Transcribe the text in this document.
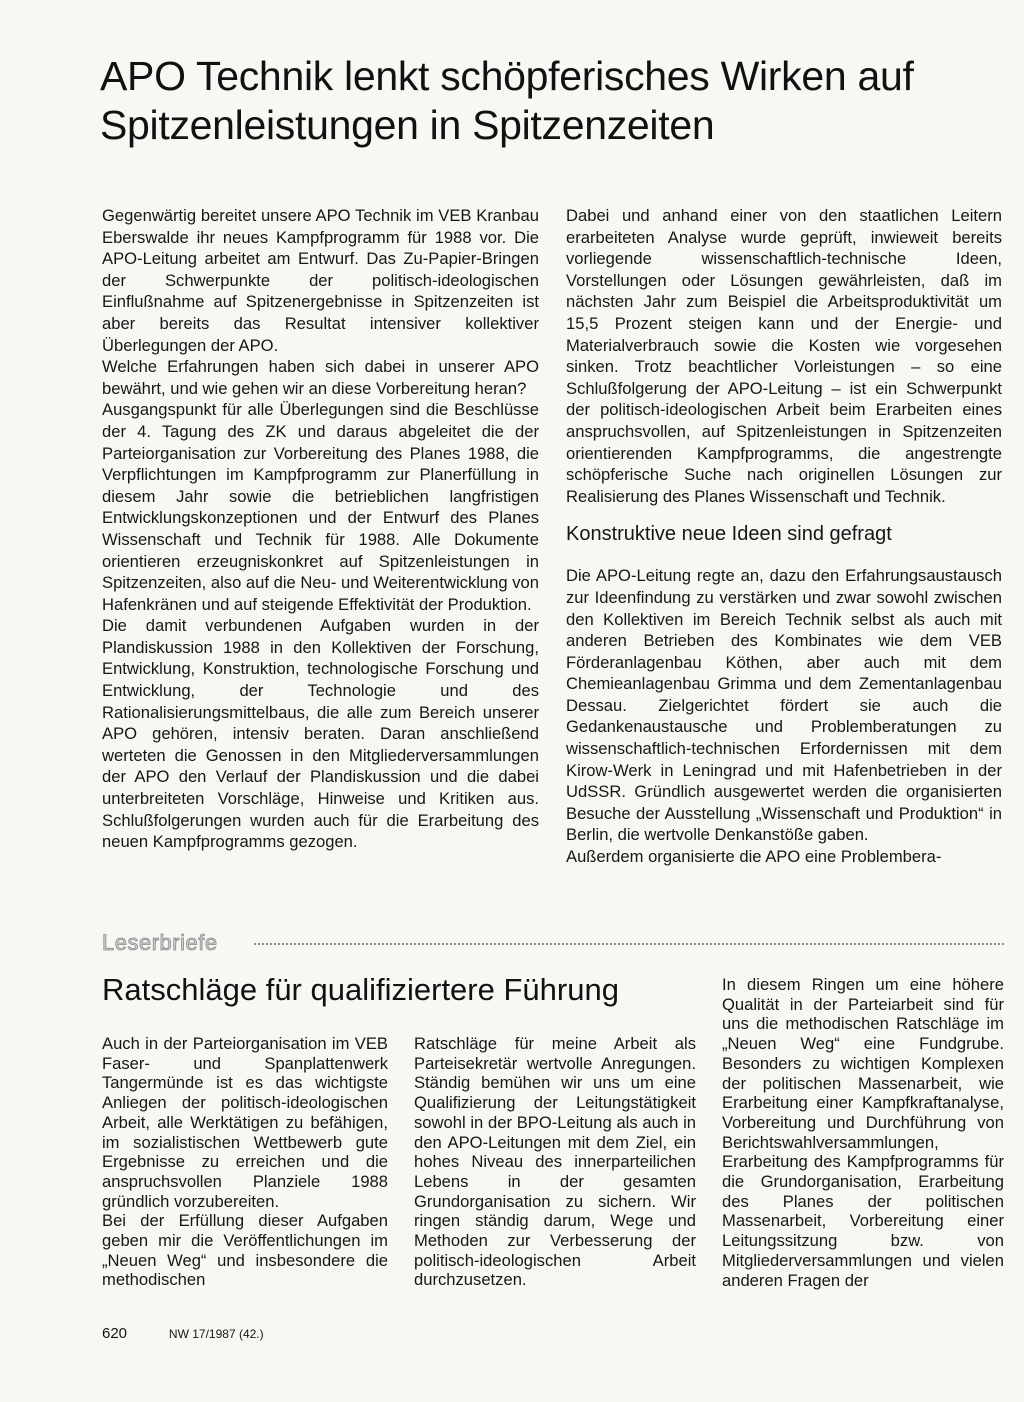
APO Technik lenkt schöpferisches Wirken auf Spitzenleistungen in Spitzenzeiten

Gegenwärtig bereitet unsere APO Technik im VEB Kranbau Eberswalde ihr neues Kampfprogramm für 1988 vor. Die APO-Leitung arbeitet am Entwurf. Das Zu-Papier-Bringen der Schwerpunkte der politisch-ideologischen Einflußnahme auf Spitzenergebnisse in Spitzenzeiten ist aber bereits das Resultat intensiver kollektiver Überlegungen der APO.

Welche Erfahrungen haben sich dabei in unserer APO bewährt, und wie gehen wir an diese Vorbereitung heran?

Ausgangspunkt für alle Überlegungen sind die Beschlüsse der 4. Tagung des ZK und daraus abgeleitet die der Parteiorganisation zur Vorbereitung des Planes 1988, die Verpflichtungen im Kampfprogramm zur Planerfüllung in diesem Jahr sowie die betrieblichen langfristigen Entwicklungskonzeptionen und der Entwurf des Planes Wissenschaft und Technik für 1988. Alle Dokumente orientieren erzeugniskonkret auf Spitzenleistungen in Spitzenzeiten, also auf die Neu- und Weiterentwicklung von Hafenkränen und auf steigende Effektivität der Produktion.

Die damit verbundenen Aufgaben wurden in der Plandiskussion 1988 in den Kollektiven der Forschung, Entwicklung, Konstruktion, technologische Forschung und Entwicklung, der Technologie und des Rationalisierungsmittelbaus, die alle zum Bereich unserer APO gehören, intensiv beraten. Daran anschließend werteten die Genossen in den Mitgliederversammlungen der APO den Verlauf der Plandiskussion und die dabei unterbreiteten Vorschläge, Hinweise und Kritiken aus. Schlußfolgerungen wurden auch für die Erarbeitung des neuen Kampfprogramms gezogen.

Dabei und anhand einer von den staatlichen Leitern erarbeiteten Analyse wurde geprüft, inwieweit bereits vorliegende wissenschaftlich-technische Ideen, Vorstellungen oder Lösungen gewährleisten, daß im nächsten Jahr zum Beispiel die Arbeitsproduktivität um 15,5 Prozent steigen kann und der Energie- und Materialverbrauch sowie die Kosten wie vorgesehen sinken. Trotz beachtlicher Vorleistungen – so eine Schlußfolgerung der APO-Leitung – ist ein Schwerpunkt der politisch-ideologischen Arbeit beim Erarbeiten eines anspruchsvollen, auf Spitzenleistungen in Spitzenzeiten orientierenden Kampfprogramms, die angestrengte schöpferische Suche nach originellen Lösungen zur Realisierung des Planes Wissenschaft und Technik.

Konstruktive neue Ideen sind gefragt

Die APO-Leitung regte an, dazu den Erfahrungsaustausch zur Ideenfindung zu verstärken und zwar sowohl zwischen den Kollektiven im Bereich Technik selbst als auch mit anderen Betrieben des Kombinates wie dem VEB Förderanlagenbau Köthen, aber auch mit dem Chemieanlagenbau Grimma und dem Zementanlagenbau Dessau. Zielgerichtet fördert sie auch die Gedankenaustausche und Problemberatungen zu wissenschaftlich-technischen Erfordernissen mit dem Kirow-Werk in Leningrad und mit Hafenbetrieben in der UdSSR. Gründlich ausgewertet werden die organisierten Besuche der Ausstellung „Wissenschaft und Produktion“ in Berlin, die wertvolle Denkanstöße gaben.

Außerdem organisierte die APO eine Problembera-

Leserbriefe
Ratschläge für qualifiziertere Führung

Auch in der Parteiorganisation im VEB Faser- und Spanplattenwerk Tangermünde ist es das wichtigste Anliegen der politisch-ideologischen Arbeit, alle Werktätigen zu befähigen, im sozialistischen Wettbewerb gute Ergebnisse zu erreichen und die anspruchsvollen Planziele 1988 gründlich vorzubereiten.

Bei der Erfüllung dieser Aufgaben geben mir die Veröffentlichungen im „Neuen Weg“ und insbesondere die methodischen

Ratschläge für meine Arbeit als Parteisekretär wertvolle Anregungen. Ständig bemühen wir uns um eine Qualifizierung der Leitungstätigkeit sowohl in der BPO-Leitung als auch in den APO-Leitungen mit dem Ziel, ein hohes Niveau des innerparteilichen Lebens in der gesamten Grundorganisation zu sichern. Wir ringen ständig darum, Wege und Methoden zur Verbesserung der politisch-ideologischen Arbeit durchzusetzen.

In diesem Ringen um eine höhere Qualität in der Parteiarbeit sind für uns die methodischen Ratschläge im „Neuen Weg“ eine Fundgrube. Besonders zu wichtigen Komplexen der politischen Massenarbeit, wie Erarbeitung einer Kampfkraftanalyse, Vorbereitung und Durchführung von Berichtswahlversammlungen, Erarbeitung des Kampfprogramms für die Grundorganisation, Erarbeitung des Planes der politischen Massenarbeit, Vorbereitung einer Leitungssitzung bzw. von Mitgliederversammlungen und vielen anderen Fragen der

620	NW 17/1987 (42.)
